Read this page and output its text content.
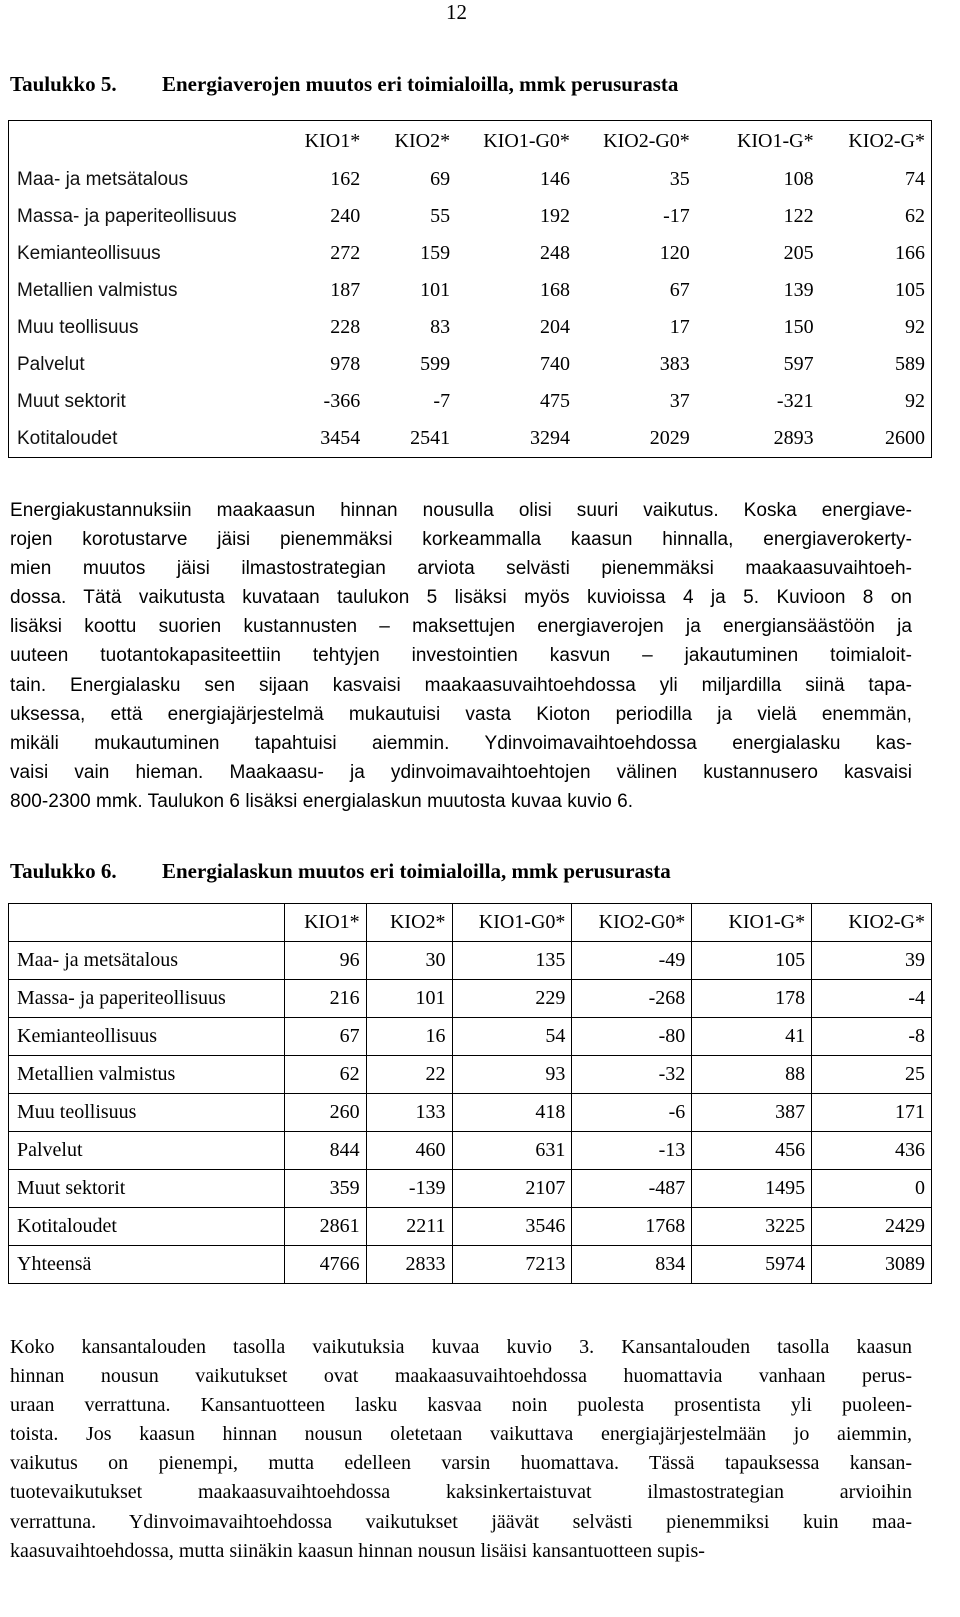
12
Taulukko 5. Energiaverojen muutos eri toimialoilla, mmk perusurasta
	KIO1*	KIO2*	KIO1-G0*	KIO2-G0*	KIO1-G*	KIO2-G*
Maa- ja metsätalous	162	69	146	35	108	74
Massa- ja paperiteollisuus	240	55	192	-17	122	62
Kemianteollisuus	272	159	248	120	205	166
Metallien valmistus	187	101	168	67	139	105
Muu teollisuus	228	83	204	17	150	92
Palvelut	978	599	740	383	597	589
Muut sektorit	-366	-7	475	37	-321	92
Kotitaloudet	3454	2541	3294	2029	2893	2600

Energiakustannuksiin maakaasun hinnan nousulla olisi suuri vaikutus. Koska energiave-
rojen korotustarve jäisi pienemmäksi korkeammalla kaasun hinnalla, energiaverokerty-
mien muutos jäisi ilmastostrategian arviota selvästi pienemmäksi maakaasuvaihtoeh-
dossa. Tätä vaikutusta kuvataan taulukon 5 lisäksi myös kuvioissa 4 ja 5. Kuvioon 8 on
lisäksi koottu suorien kustannusten – maksettujen energiaverojen ja energiansäästöön ja
uuteen tuotantokapasiteettiin tehtyjen investointien kasvun – jakautuminen toimialoit-
tain. Energialasku sen sijaan kasvaisi maakaasuvaihtoehdossa yli miljardilla siinä tapa-
uksessa, että energiajärjestelmä mukautuisi vasta Kioton periodilla ja vielä enemmän,
mikäli mukautuminen tapahtuisi aiemmin. Ydinvoimavaihtoehdossa energialasku kas-
vaisi vain hieman. Maakaasu- ja ydinvoimavaihtoehtojen välinen kustannusero kasvaisi
800-2300 mmk. Taulukon 6 lisäksi energialaskun muutosta kuvaa kuvio 6.

Taulukko 6. Energialaskun muutos eri toimialoilla, mmk perusurasta
	KIO1*	KIO2*	KIO1-G0*	KIO2-G0*	KIO1-G*	KIO2-G*
Maa- ja metsätalous	96	30	135	-49	105	39
Massa- ja paperiteollisuus	216	101	229	-268	178	-4
Kemianteollisuus	67	16	54	-80	41	-8
Metallien valmistus	62	22	93	-32	88	25
Muu teollisuus	260	133	418	-6	387	171
Palvelut	844	460	631	-13	456	436
Muut sektorit	359	-139	2107	-487	1495	0
Kotitaloudet	2861	2211	3546	1768	3225	2429
Yhteensä	4766	2833	7213	834	5974	3089

Koko kansantalouden tasolla vaikutuksia kuvaa kuvio 3. Kansantalouden tasolla kaasun
hinnan nousun vaikutukset ovat maakaasuvaihtoehdossa huomattavia vanhaan perus-
uraan verrattuna. Kansantuotteen lasku kasvaa noin puolesta prosentista yli puoleen-
toista. Jos kaasun hinnan nousun oletetaan vaikuttava energiajärjestelmään jo aiemmin,
vaikutus on pienempi, mutta edelleen varsin huomattava. Tässä tapauksessa kansan-
tuotevaikutukset maakaasuvaihtoehdossa kaksinkertaistuvat ilmastostrategian arvioihin
verrattuna. Ydinvoimavaihtoehdossa vaikutukset jäävät selvästi pienemmiksi kuin maa-
kaasuvaihtoehdossa, mutta siinäkin kaasun hinnan nousun lisäisi kansantuotteen supis-
